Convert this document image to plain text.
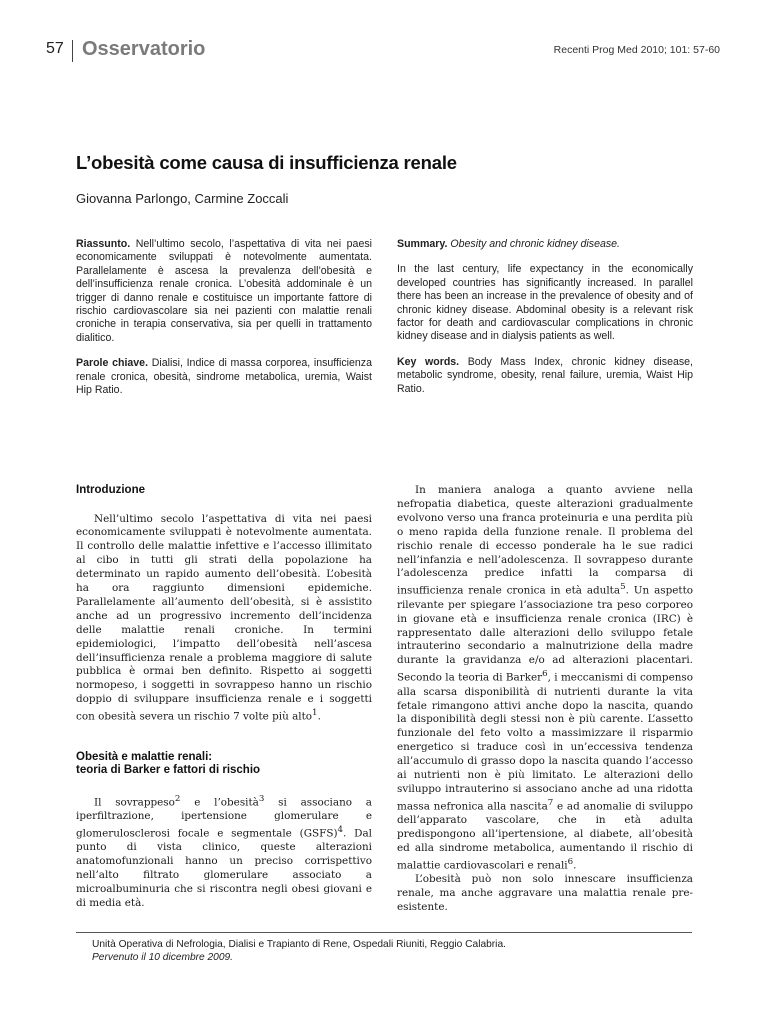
57 Osservatorio	Recenti Prog Med 2010; 101: 57-60
L’obesità come causa di insufficienza renale
Giovanna Parlongo, Carmine Zoccali

Riassunto. Nell’ultimo secolo, l’aspettativa di vita nei paesi economicamente sviluppati è notevolmente aumentata. Parallelamente è ascesa la prevalenza dell’obesità e dell’insufficienza renale cronica. L’obesità addominale è un trigger di danno renale e costituisce un importante fattore di rischio cardiovascolare sia nei pazienti con malattie renali croniche in terapia conservativa, sia per quelli in trattamento dialitico.

Parole chiave. Dialisi, Indice di massa corporea, insufficienza renale cronica, obesità, sindrome metabolica, uremia, Waist Hip Ratio.

Summary. Obesity and chronic kidney disease.

In the last century, life expectancy in the economically developed countries has significantly increased. In parallel there has been an increase in the prevalence of obesity and of chronic kidney disease. Abdominal obesity is a relevant risk factor for death and cardiovascular complications in chronic kidney disease and in dialysis patients as well.

Key words. Body Mass Index, chronic kidney disease, metabolic syndrome, obesity, renal failure, uremia, Waist Hip Ratio.

Introduzione

Nell’ultimo secolo l’aspettativa di vita nei paesi economicamente sviluppati è notevolmente aumentata. Il controllo delle malattie infettive e l’accesso illimitato al cibo in tutti gli strati della popolazione ha determinato un rapido aumento dell’obesità. L’obesità ha ora raggiunto dimensioni epidemiche. Parallelamente all’aumento dell’obesità, si è assistito anche ad un progressivo incremento dell’incidenza delle malattie renali croniche. In termini epidemiologici, l’impatto dell’obesità nell’ascesa dell’insufficienza renale a problema maggiore di salute pubblica è ormai ben definito. Rispetto ai soggetti normopeso, i soggetti in sovrappeso hanno un rischio doppio di sviluppare insufficienza renale e i soggetti con obesità severa un rischio 7 volte più alto$^1$.

Obesità e malattie renali:
teoria di Barker e fattori di rischio

Il sovrappeso$^2$ e l’obesità$^3$ si associano a iperfiltrazione, ipertensione glomerulare e glomerulosclerosi focale e segmentale (GSFS)$^4$. Dal punto di vista clinico, queste alterazioni anatomofunzionali hanno un preciso corrispettivo nell’alto filtrato glomerulare associato a microalbuminuria che si riscontra negli obesi giovani e di media età.

In maniera analoga a quanto avviene nella nefropatia diabetica, queste alterazioni gradualmente evolvono verso una franca proteinuria e una perdita più o meno rapida della funzione renale. Il problema del rischio renale di eccesso ponderale ha le sue radici nell’infanzia e nell’adolescenza. Il sovrappeso durante l’adolescenza predice infatti la comparsa di insufficienza renale cronica in età adulta$^5$. Un aspetto rilevante per spiegare l’associazione tra peso corporeo in giovane età e insufficienza renale cronica (IRC) è rappresentato dalle alterazioni dello sviluppo fetale intrauterino secondario a malnutrizione della madre durante la gravidanza e/o ad alterazioni placentari. Secondo la teoria di Barker$^6$, i meccanismi di compenso alla scarsa disponibilità di nutrienti durante la vita fetale rimangono attivi anche dopo la nascita, quando la disponibilità degli stessi non è più carente. L’assetto funzionale del feto volto a massimizzare il risparmio energetico si traduce così in un’eccessiva tendenza all’accumulo di grasso dopo la nascita quando l’accesso ai nutrienti non è più limitato. Le alterazioni dello sviluppo intrauterino si associano anche ad una ridotta massa nefronica alla nascita$^7$ e ad anomalie di sviluppo dell’apparato vascolare, che in età adulta predispongono all’ipertensione, al diabete, all’obesità ed alla sindrome metabolica, aumentando il rischio di malattie cardiovascolari e renali$^6$.

L’obesità può non solo innescare insufficienza renale, ma anche aggravare una malattia renale pre-esistente.

Unità Operativa di Nefrologia, Dialisi e Trapianto di Rene, Ospedali Riuniti, Reggio Calabria.
Pervenuto il 10 dicembre 2009.
